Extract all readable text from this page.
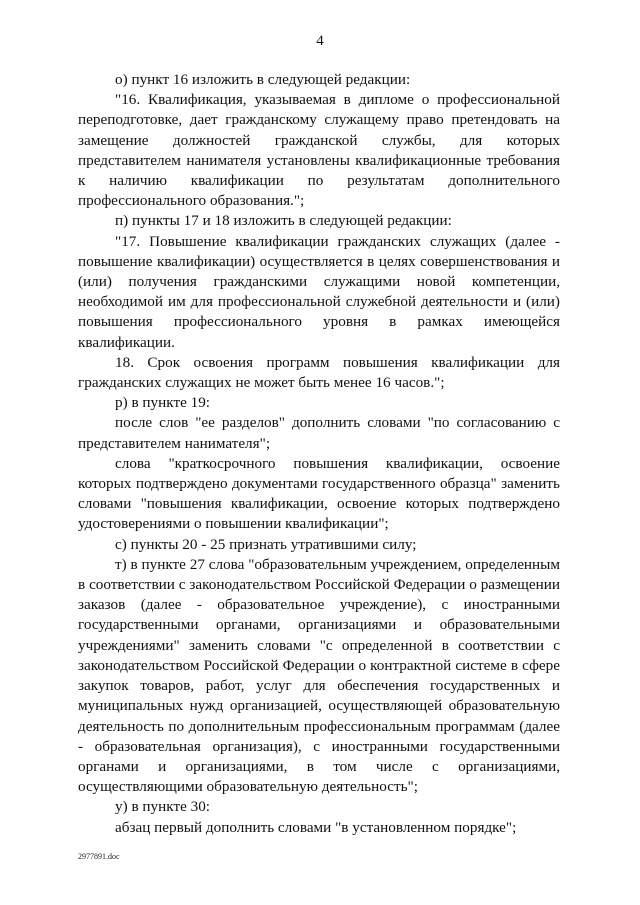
4

о) пункт 16 изложить в следующей редакции:

"16. Квалификация, указываемая в дипломе о профессиональной переподготовке, дает гражданскому служащему право претендовать на замещение должностей гражданской службы, для которых представителем нанимателя установлены квалификационные требования к наличию квалификации по результатам дополнительного профессионального образования.";

п) пункты 17 и 18 изложить в следующей редакции:

"17. Повышение квалификации гражданских служащих (далее - повышение квалификации) осуществляется в целях совершенствования и (или) получения гражданскими служащими новой компетенции, необходимой им для профессиональной служебной деятельности и (или) повышения профессионального уровня в рамках имеющейся квалификации.

18. Срок освоения программ повышения квалификации для гражданских служащих не может быть менее 16 часов.";

р) в пункте 19:

после слов "ее разделов" дополнить словами "по согласованию с представителем нанимателя";

слова "краткосрочного повышения квалификации, освоение которых подтверждено документами государственного образца" заменить словами "повышения квалификации, освоение которых подтверждено удостоверениями о повышении квалификации";

с) пункты 20 - 25 признать утратившими силу;

т) в пункте 27 слова "образовательным учреждением, определенным в соответствии с законодательством Российской Федерации о размещении заказов (далее - образовательное учреждение), с иностранными государственными органами, организациями и образовательными учреждениями" заменить словами "с определенной в соответствии с законодательством Российской Федерации о контрактной системе в сфере закупок товаров, работ, услуг для обеспечения государственных и муниципальных нужд организацией, осуществляющей образовательную деятельность по дополнительным профессиональным программам (далее - образовательная организация), с иностранными государственными органами и организациями, в том числе с организациями, осуществляющими образовательную деятельность";

у) в пункте 30:

абзац первый дополнить словами "в установленном порядке";

2977891.doc
